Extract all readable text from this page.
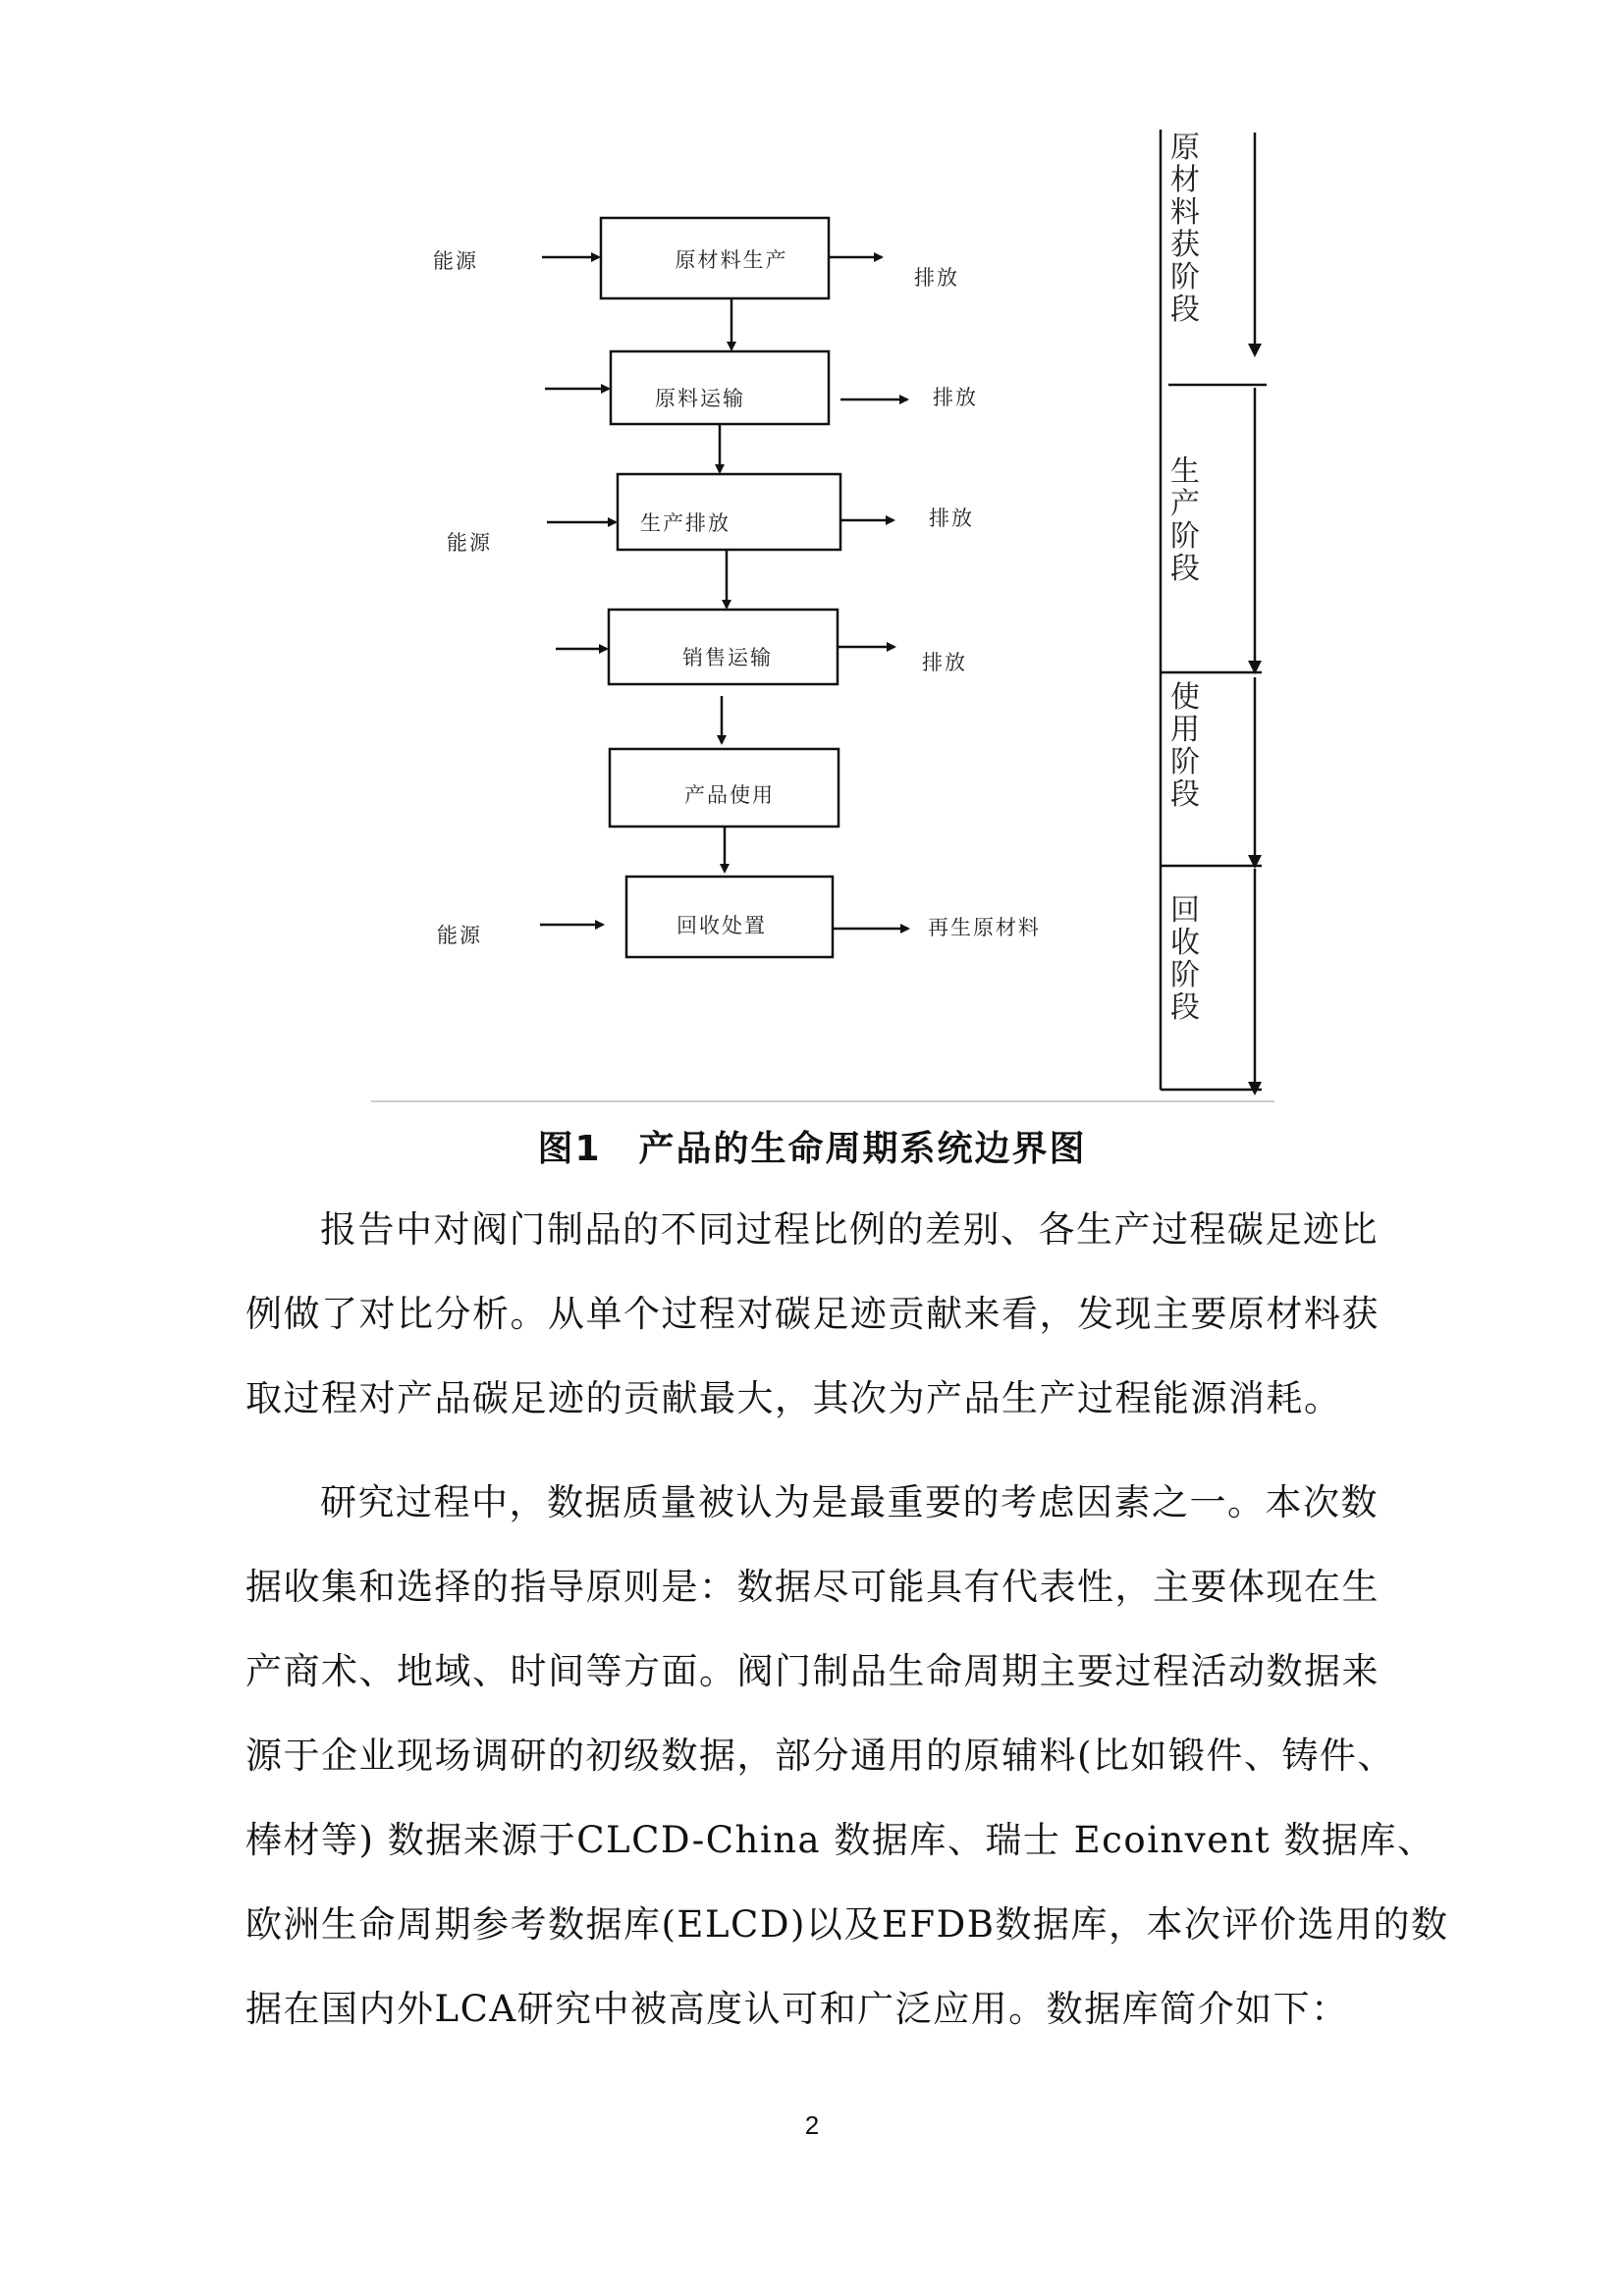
原材料生产
原料运输
生产排放
销售运输
产品使用
回收处置
能源
能源
能源
排放
排放
排放
排放
再生原材料
原材料获阶段
生产阶段
使用阶段
回收阶段
图1　产品的生命周期系统边界图
报告中对阀门制品的不同过程比例的差别、各生产过程碳足迹比
例做了对比分析。从单个过程对碳足迹贡献来看，发现主要原材料获
取过程对产品碳足迹的贡献最大，其次为产品生产过程能源消耗。
研究过程中，数据质量被认为是最重要的考虑因素之一。本次数
据收集和选择的指导原则是：数据尽可能具有代表性，主要体现在生
产商术、地域、时间等方面。阀门制品生命周期主要过程活动数据来
源于企业现场调研的初级数据，部分通用的原辅料(比如锻件、铸件、
棒材等) 数据来源于CLCD-China 数据库、瑞士 Ecoinvent 数据库、
欧洲生命周期参考数据库(ELCD)以及EFDB数据库，本次评价选用的数
据在国内外LCA研究中被高度认可和广泛应用。数据库简介如下：
2
